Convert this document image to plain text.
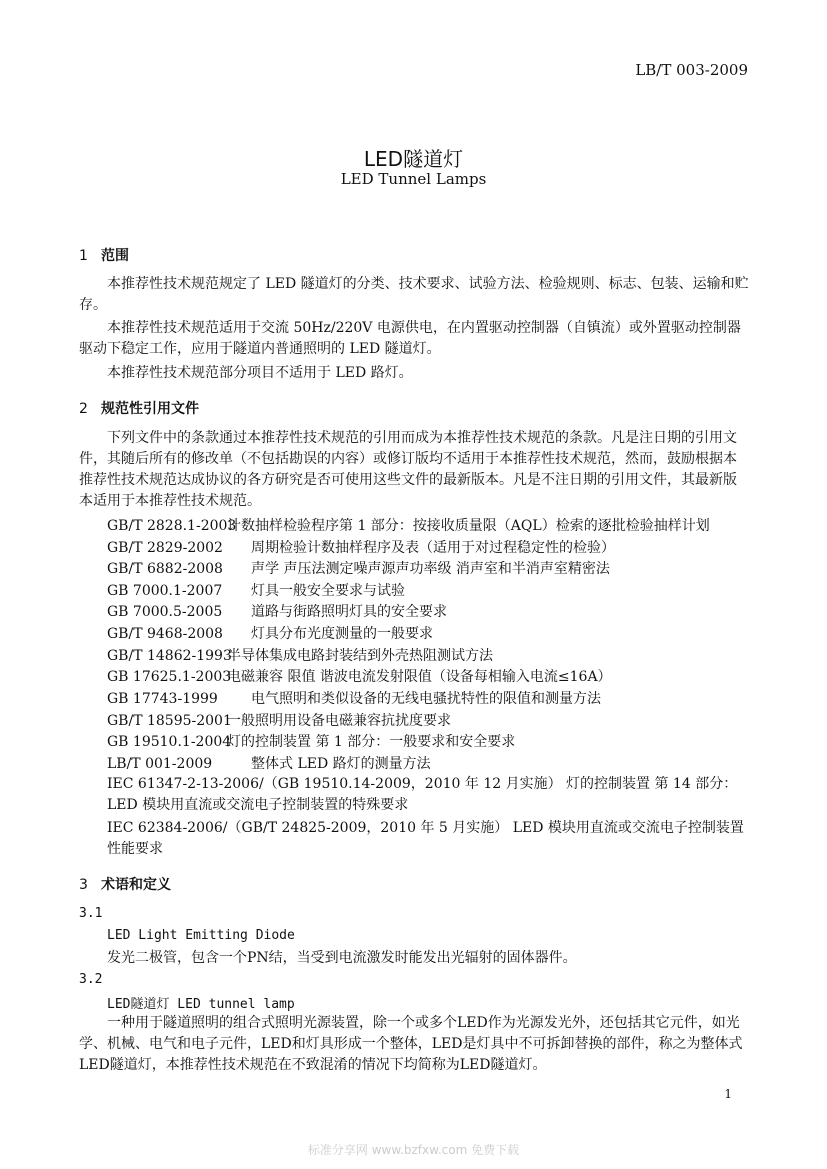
LB/T 003-2009
LED隧道灯
LED Tunnel Lamps
1 范围
本推荐性技术规范规定了 LED 隧道灯的分类、技术要求、试验方法、检验规则、标志、包装、运输和贮存。
本推荐性技术规范适用于交流 50Hz/220V 电源供电，在内置驱动控制器（自镇流）或外置驱动控制器驱动下稳定工作，应用于隧道内普通照明的 LED 隧道灯。
本推荐性技术规范部分项目不适用于 LED 路灯。
2 规范性引用文件
下列文件中的条款通过本推荐性技术规范的引用而成为本推荐性技术规范的条款。凡是注日期的引用文件，其随后所有的修改单（不包括勘误的内容）或修订版均不适用于本推荐性技术规范，然而，鼓励根据本推荐性技术规范达成协议的各方研究是否可使用这些文件的最新版本。凡是不注日期的引用文件，其最新版本适用于本推荐性技术规范。
GB/T 2828.1-2003计数抽样检验程序第 1 部分：按接收质量限（AQL）检索的逐批检验抽样计划
GB/T 2829-2002 周期检验计数抽样程序及表（适用于对过程稳定性的检验）
GB/T 6882-2008 声学 声压法测定噪声源声功率级 消声室和半消声室精密法
GB 7000.1-2007 灯具一般安全要求与试验
GB 7000.5-2005 道路与街路照明灯具的安全要求
GB/T 9468-2008 灯具分布光度测量的一般要求
GB/T 14862-1993半导体集成电路封装结到外壳热阻测试方法
GB 17625.1-2003电磁兼容 限值 谐波电流发射限值（设备每相输入电流≤16A）
GB 17743-1999 电气照明和类似设备的无线电骚扰特性的限值和测量方法
GB/T 18595-2001一般照明用设备电磁兼容抗扰度要求
GB 19510.1-2004灯的控制装置 第 1 部分：一般要求和安全要求
LB/T 001-2009	整体式 LED 路灯的测量方法
IEC 61347-2-13-2006/（GB 19510.14-2009，2010 年 12 月实施） 灯的控制装置 第 14 部分：LED 模块用直流或交流电子控制装置的特殊要求
IEC 62384-2006/（GB/T 24825-2009，2010 年 5 月实施） LED 模块用直流或交流电子控制装置 性能要求
3 术语和定义
3.1
LED Light Emitting Diode
发光二极管，包含一个PN结，当受到电流激发时能发出光辐射的固体器件。
3.2
LED隧道灯 LED tunnel lamp
一种用于隧道照明的组合式照明光源装置，除一个或多个LED作为光源发光外，还包括其它元件，如光学、机械、电气和电子元件，LED和灯具形成一个整体，LED是灯具中不可拆卸替换的部件，称之为整体式LED隧道灯，本推荐性技术规范在不致混淆的情况下均简称为LED隧道灯。
1
标准分享网 www.bzfxw.com 免费下载
